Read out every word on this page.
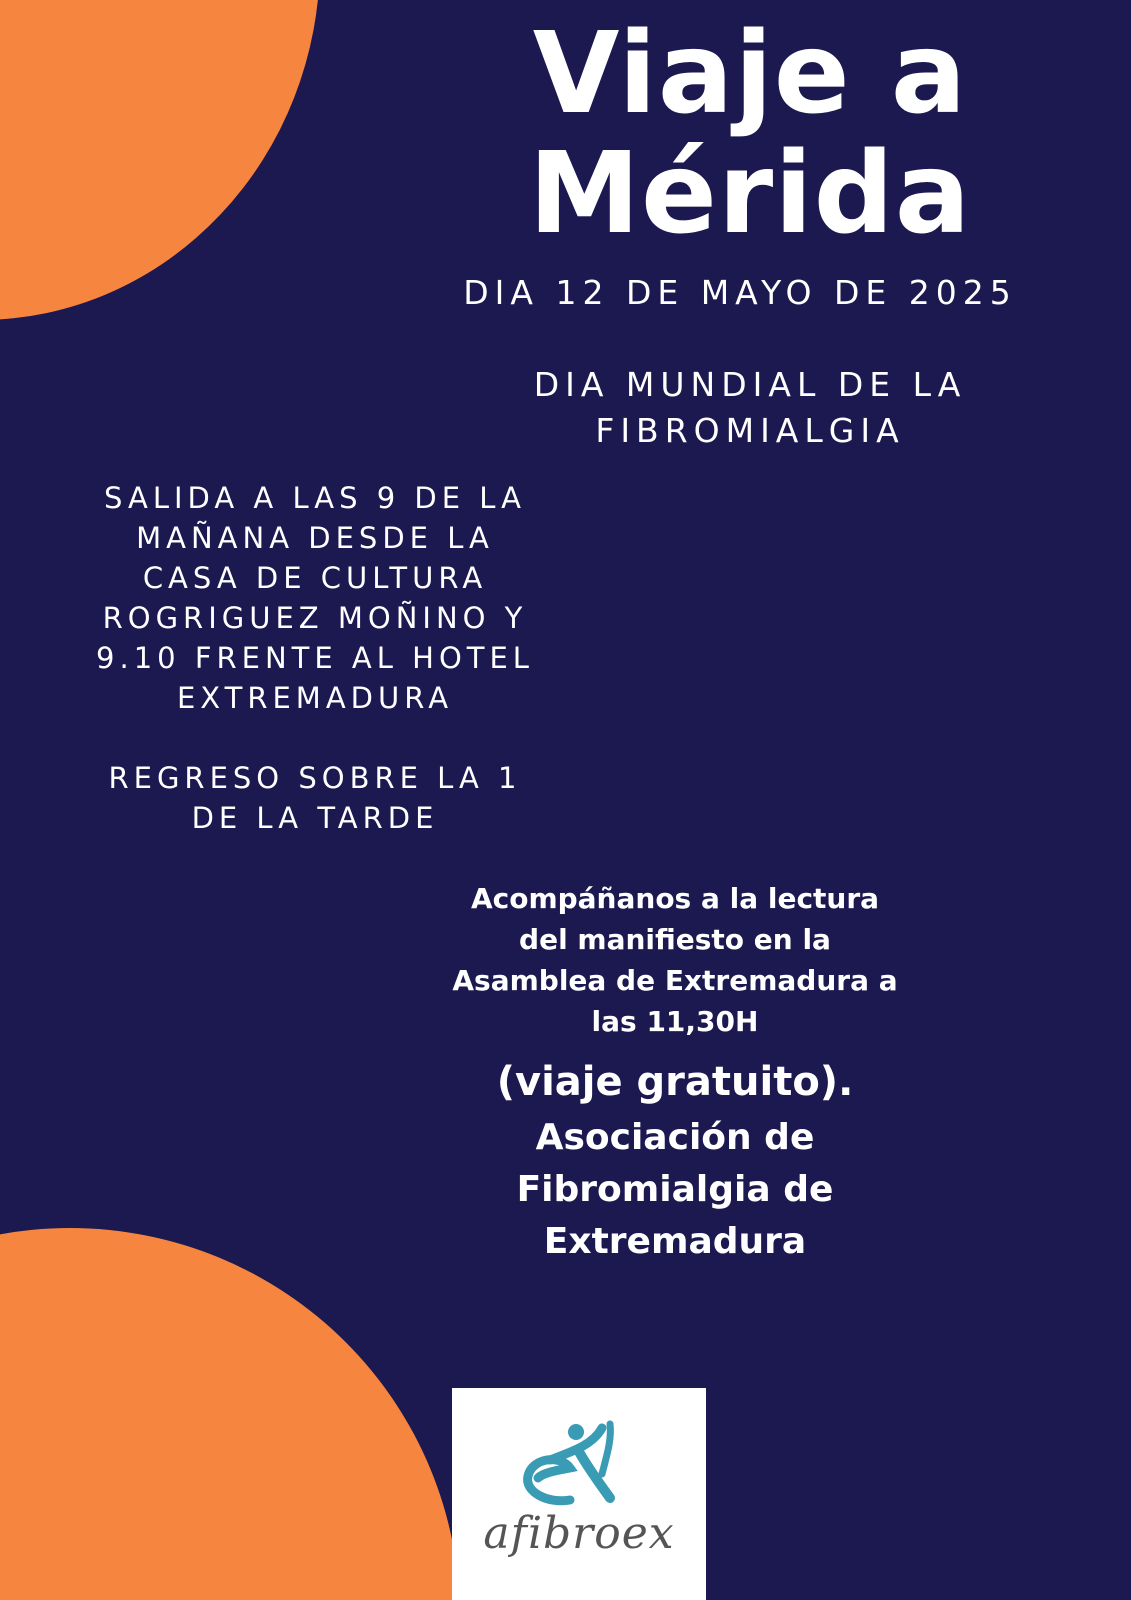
Viaje a
Mérida
DIA 12 DE MAYO DE 2025
DIA MUNDIAL DE LA
FIBROMIALGIA
SALIDA A LAS 9 DE LA
MAÑANA DESDE LA
CASA DE CULTURA
ROGRIGUEZ MOÑINO Y
9.10 FRENTE AL HOTEL
EXTREMADURA
REGRESO SOBRE LA 1
DE LA TARDE
Acompáñanos a la lectura
del manifiesto en la
Asamblea de Extremadura a
las 11,30H
(viaje gratuito).
Asociación de
Fibromialgia de
Extremadura
afibroex
